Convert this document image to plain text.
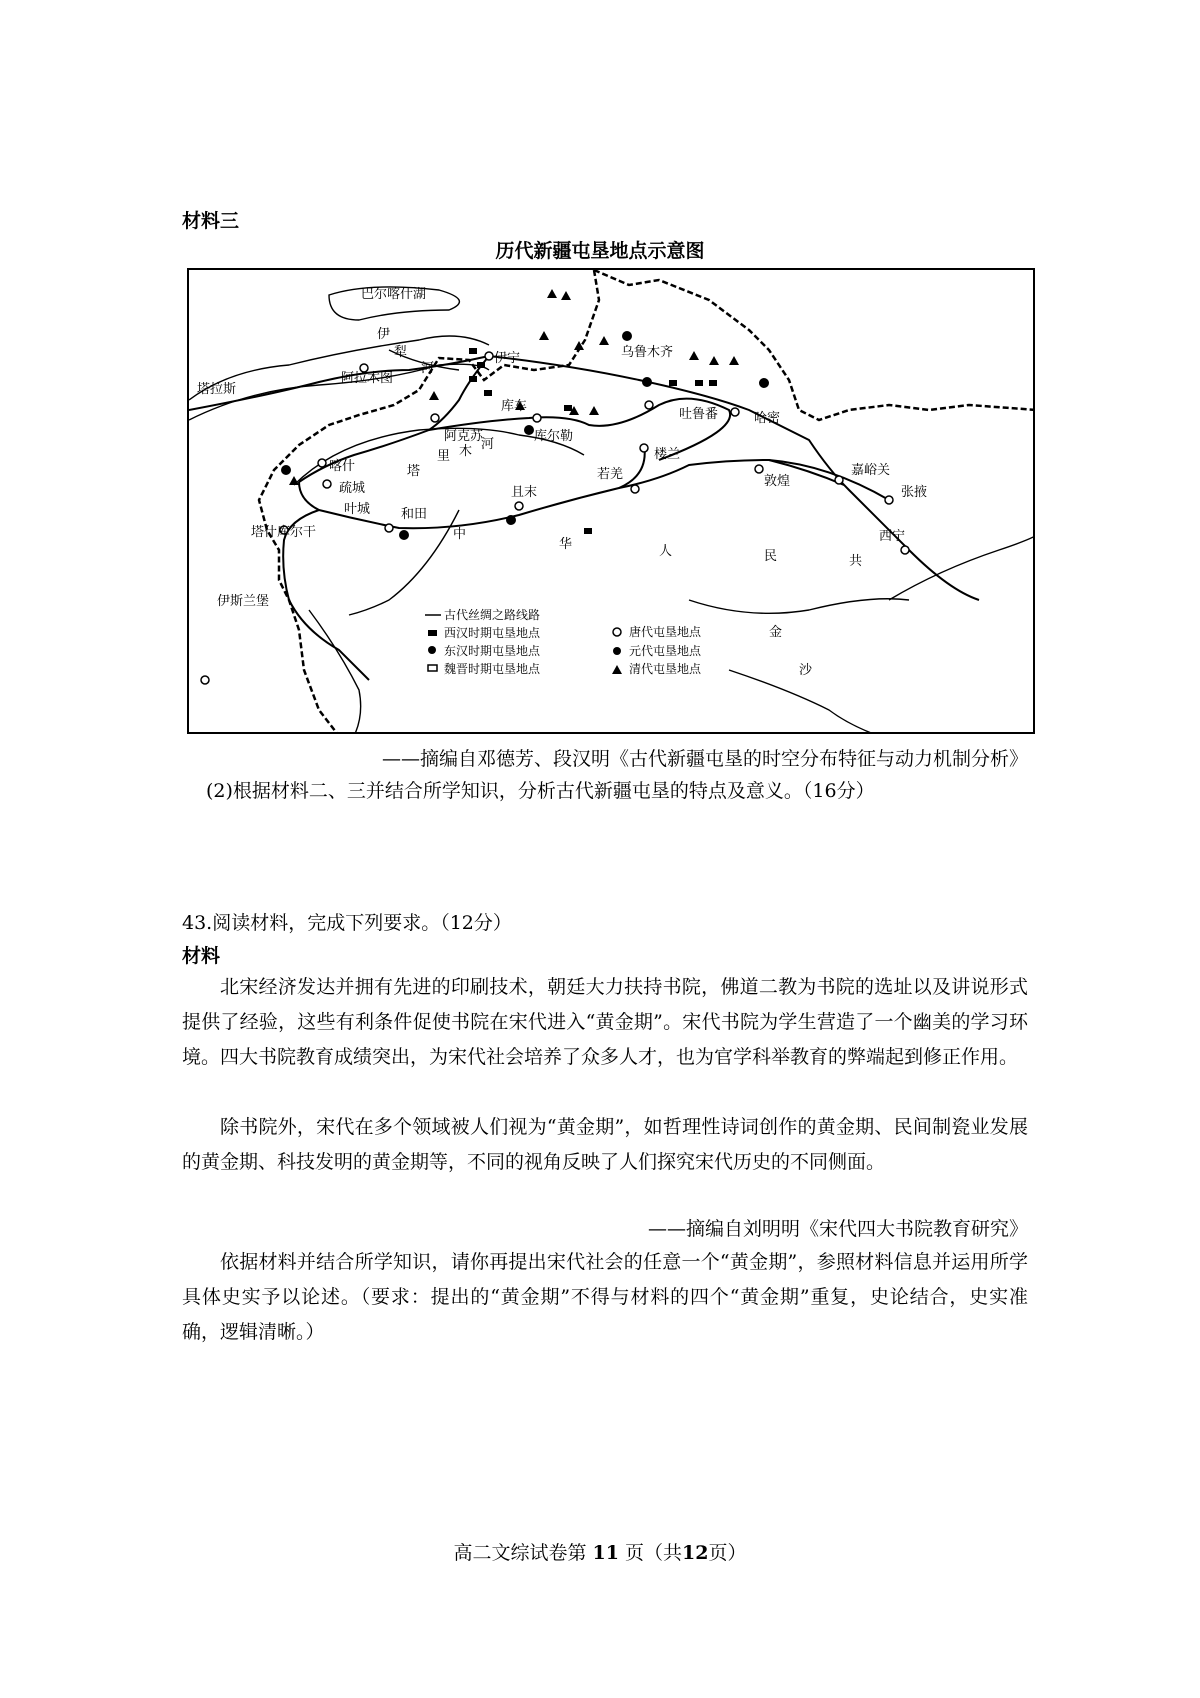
材料三
历代新疆屯垦地点示意图
巴尔喀什湖
伊
犁
河
塔拉斯
阿拉木图
伊宁	乌鲁木齐
哈密
吐鲁番
库车
阿克苏	库尔勒
楼兰
喀什
疏城
叶城 和田
且末
若羌	敦煌
嘉峪关
张掖
西宁
塔什库尔干
伊斯兰堡
塔
里 木 河
中
华	人	民	共
金
沙
古代丝绸之路线路
西汉时期屯垦地点
东汉时期屯垦地点
魏晋时期屯垦地点
唐代屯垦地点
元代屯垦地点
清代屯垦地点
——摘编自邓德芳、段汉明《古代新疆屯垦的时空分布特征与动力机制分析》
(2)根据材料二、三并结合所学知识，分析古代新疆屯垦的特点及意义。（16分）
43.阅读材料，完成下列要求。（12分）
材料
北宋经济发达并拥有先进的印刷技术，朝廷大力扶持书院，佛道二教为书院的选址以及讲说形式提供了经验，这些有利条件促使书院在宋代进入“黄金期”。宋代书院为学生营造了一个幽美的学习环境。四大书院教育成绩突出，为宋代社会培养了众多人才，也为官学科举教育的弊端起到修正作用。
除书院外，宋代在多个领域被人们视为“黄金期”，如哲理性诗词创作的黄金期、民间制瓷业发展的黄金期、科技发明的黄金期等，不同的视角反映了人们探究宋代历史的不同侧面。
——摘编自刘明明《宋代四大书院教育研究》
依据材料并结合所学知识，请你再提出宋代社会的任意一个“黄金期”，参照材料信息并运用所学具体史实予以论述。（要求：提出的“黄金期”不得与材料的四个“黄金期”重复，史论结合，史实准确，逻辑清晰。）
高二文综试卷第 11 页（共12页）
